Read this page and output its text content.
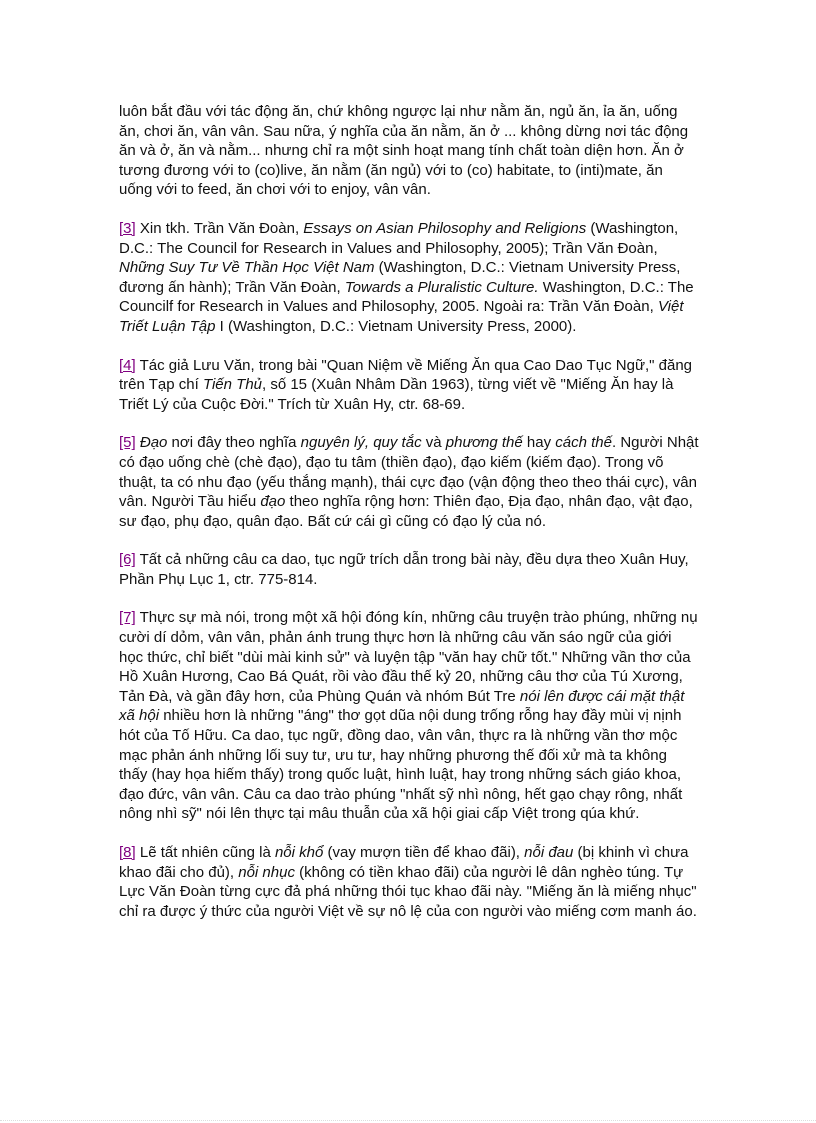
luôn bắt đầu với tác động ăn, chứ không ngược lại như nằm ăn, ngủ ăn, ỉa ăn, uống ăn, chơi ăn, vân vân. Sau nữa, ý nghĩa của ăn nằm, ăn ở ... không dừng nơi tác động ăn và ở, ăn và nằm... nhưng chỉ ra một sinh hoạt mang tính chất toàn diện hơn. Ăn ở tương đương với to (co)live, ăn nằm (ăn ngủ) với to (co) habitate, to (inti)mate, ăn uống với to feed, ăn chơi với to enjoy, vân vân.

[3] Xin tkh. Trần Văn Đoàn, Essays on Asian Philosophy and Religions (Washington, D.C.: The Council for Research in Values and Philosophy, 2005); Trần Văn Đoàn, Những Suy Tư Về Thần Học Việt Nam (Washington, D.C.: Vietnam University Press, đương ấn hành); Trần Văn Đoàn, Towards a Pluralistic Culture. Washington, D.C.: The Councilf for Research in Values and Philosophy, 2005. Ngoài ra: Trần Văn Đoàn, Việt Triết Luận Tập I (Washington, D.C.: Vietnam University Press, 2000).

[4] Tác giả Lưu Văn, trong bài "Quan Niệm về Miếng Ăn qua Cao Dao Tục Ngữ," đăng trên Tạp chí Tiến Thủ, số 15 (Xuân Nhâm Dần 1963), từng viết về "Miếng Ăn hay là Triết Lý của Cuộc Đời." Trích từ Xuân Hy, ctr. 68-69.

[5] Đạo nơi đây theo nghĩa nguyên lý, quy tắc và phương thế hay cách thế. Người Nhật có đạo uống chè (chè đạo), đạo tu tâm (thiền đạo), đạo kiếm (kiếm đạo). Trong võ thuật, ta có nhu đạo (yếu thắng mạnh), thái cực đạo (vận động theo theo thái cực), vân vân. Người Tầu hiểu đạo theo nghĩa rộng hơn: Thiên đạo, Địa đạo, nhân đạo, vật đạo, sư đạo, phụ đạo, quân đạo. Bất cứ cái gì cũng có đạo lý của nó.

[6] Tất cả những câu ca dao, tục ngữ trích dẫn trong bài này, đều dựa theo Xuân Huy, Phần Phụ Lục 1, ctr. 775-814.

[7] Thực sự mà nói, trong một xã hội đóng kín, những câu truyện trào phúng, những nụ cười dí dỏm, vân vân, phản ánh trung thực hơn là những câu văn sáo ngữ của giới học thức, chỉ biết "dùi mài kinh sử" và luyện tập "văn hay chữ tốt." Những vần thơ của Hồ Xuân Hương, Cao Bá Quát, rồi vào đầu thế kỷ 20, những câu thơ của Tú Xương, Tản Đà, và gần đây hơn, của Phùng Quán và nhóm Bút Tre nói lên được cái mặt thật xã hội nhiều hơn là những "áng" thơ gọt dũa nội dung trống rỗng hay đầy mùi vị nịnh hót của Tố Hữu. Ca dao, tục ngữ, đồng dao, vân vân, thực ra là những vần thơ mộc mạc phản ánh những lối suy tư, ưu tư, hay những phương thế đối xử mà ta không thấy (hay họa hiếm thấy) trong quốc luật, hình luật, hay trong những sách giáo khoa, đạo đức, vân vân. Câu ca dao trào phúng "nhất sỹ nhì nông, hết gạo chạy rông, nhất nông nhì sỹ" nói lên thực tại mâu thuẫn của xã hội giai cấp Việt trong qúa khứ.

[8] Lẽ tất nhiên cũng là nỗi khổ (vay mượn tiền để khao đãi), nỗi đau (bị khinh vì chưa khao đãi cho đủ), nỗi nhục (không có tiền khao đãi) của người lê dân nghèo túng. Tự Lực Văn Đoàn từng cực đả phá những thói tục khao đãi này. "Miếng ăn là miếng nhục" chỉ ra được ý thức của người Việt về sự nô lệ của con người vào miếng cơm manh áo.
